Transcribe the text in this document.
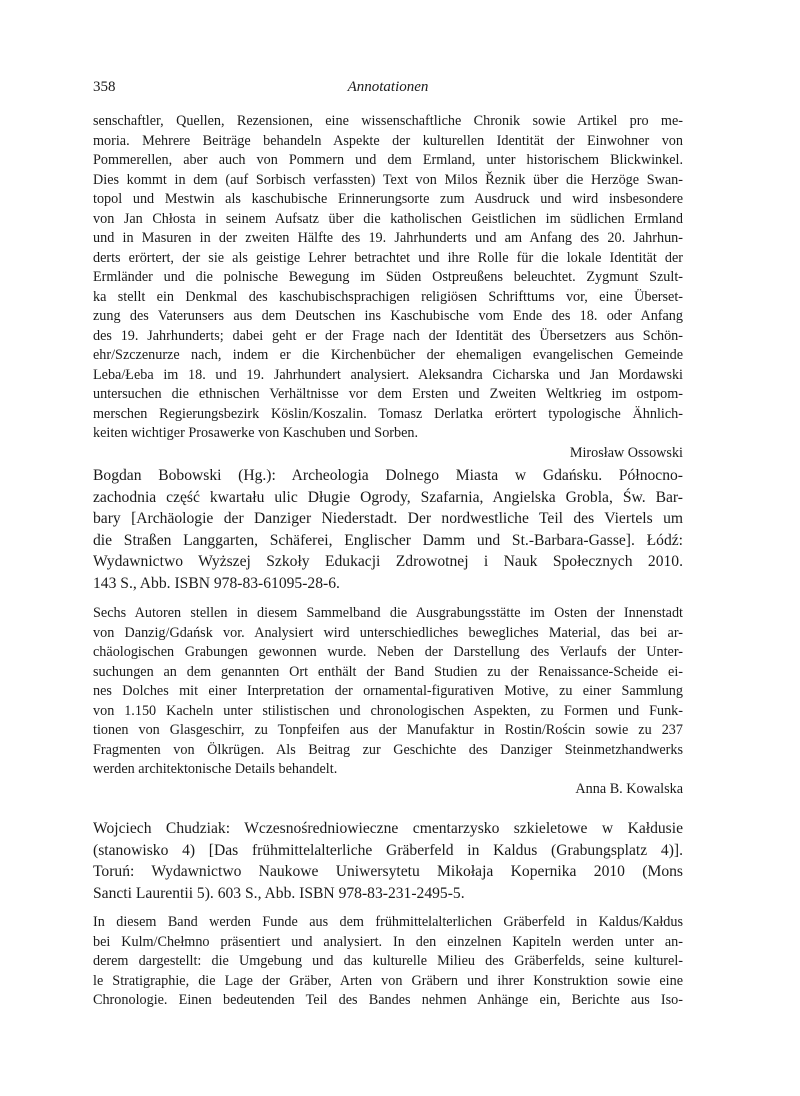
358	Annotationen
senschaftler, Quellen, Rezensionen, eine wissenschaftliche Chronik sowie Artikel pro me-
moria. Mehrere Beiträge behandeln Aspekte der kulturellen Identität der Einwohner von
Pommerellen, aber auch von Pommern und dem Ermland, unter historischem Blickwinkel.
Dies kommt in dem (auf Sorbisch verfassten) Text von Milos Řeznik über die Herzöge Swan-
topol und Mestwin als kaschubische Erinnerungsorte zum Ausdruck und wird insbesondere
von Jan Chłosta in seinem Aufsatz über die katholischen Geistlichen im südlichen Ermland
und in Masuren in der zweiten Hälfte des 19. Jahrhunderts und am Anfang des 20. Jahrhun-
derts erörtert, der sie als geistige Lehrer betrachtet und ihre Rolle für die lokale Identität der
Ermländer und die polnische Bewegung im Süden Ostpreußens beleuchtet. Zygmunt Szult-
ka stellt ein Denkmal des kaschubischsprachigen religiösen Schrifttums vor, eine Überset-
zung des Vaterunsers aus dem Deutschen ins Kaschubische vom Ende des 18. oder Anfang
des 19. Jahrhunderts; dabei geht er der Frage nach der Identität des Übersetzers aus Schön-
ehr/Szczenurze nach, indem er die Kirchenbücher der ehemaligen evangelischen Gemeinde
Leba/Łeba im 18. und 19. Jahrhundert analysiert. Aleksandra Cicharska und Jan Mordawski
untersuchen die ethnischen Verhältnisse vor dem Ersten und Zweiten Weltkrieg im ostpom-
merschen Regierungsbezirk Köslin/Koszalin. Tomasz Derlatka erörtert typologische Ähnlich-
keiten wichtiger Prosawerke von Kaschuben und Sorben.

Mirosław Ossowski

Bogdan Bobowski (Hg.): Archeologia Dolnego Miasta w Gdańsku. Północno-
zachodnia część kwartału ulic Długie Ogrody, Szafarnia, Angielska Grobla, Św. Bar-
bary [Archäologie der Danziger Niederstadt. Der nordwestliche Teil des Viertels um
die Straßen Langgarten, Schäferei, Englischer Damm und St.-Barbara-Gasse]. Łódź:
Wydawnictwo Wyższej Szkoły Edukacji Zdrowotnej i Nauk Społecznych 2010.
143 S., Abb. ISBN 978-83-61095-28-6.
Sechs Autoren stellen in diesem Sammelband die Ausgrabungsstätte im Osten der Innenstadt
von Danzig/Gdańsk vor. Analysiert wird unterschiedliches bewegliches Material, das bei ar-
chäologischen Grabungen gewonnen wurde. Neben der Darstellung des Verlaufs der Unter-
suchungen an dem genannten Ort enthält der Band Studien zu der Renaissance-Scheide ei-
nes Dolches mit einer Interpretation der ornamental-figurativen Motive, zu einer Sammlung
von 1.150 Kacheln unter stilistischen und chronologischen Aspekten, zu Formen und Funk-
tionen von Glasgeschirr, zu Tonpfeifen aus der Manufaktur in Rostin/Rościn sowie zu 237
Fragmenten von Ölkrügen. Als Beitrag zur Geschichte des Danziger Steinmetzhandwerks
werden architektonische Details behandelt.

Anna B. Kowalska

Wojciech Chudziak: Wczesnośredniowieczne cmentarzysko szkieletowe w Kałdusie
(stanowisko 4) [Das frühmittelalterliche Gräberfeld in Kaldus (Grabungsplatz 4)].
Toruń: Wydawnictwo Naukowe Uniwersytetu Mikołaja Kopernika 2010 (Mons
Sancti Laurentii 5). 603 S., Abb. ISBN 978-83-231-2495-5.
In diesem Band werden Funde aus dem frühmittelalterlichen Gräberfeld in Kaldus/Kałdus
bei Kulm/Chełmno präsentiert und analysiert. In den einzelnen Kapiteln werden unter an-
derem dargestellt: die Umgebung und das kulturelle Milieu des Gräberfelds, seine kulturel-
le Stratigraphie, die Lage der Gräber, Arten von Gräbern und ihrer Konstruktion sowie eine
Chronologie. Einen bedeutenden Teil des Bandes nehmen Anhänge ein, Berichte aus Iso-
